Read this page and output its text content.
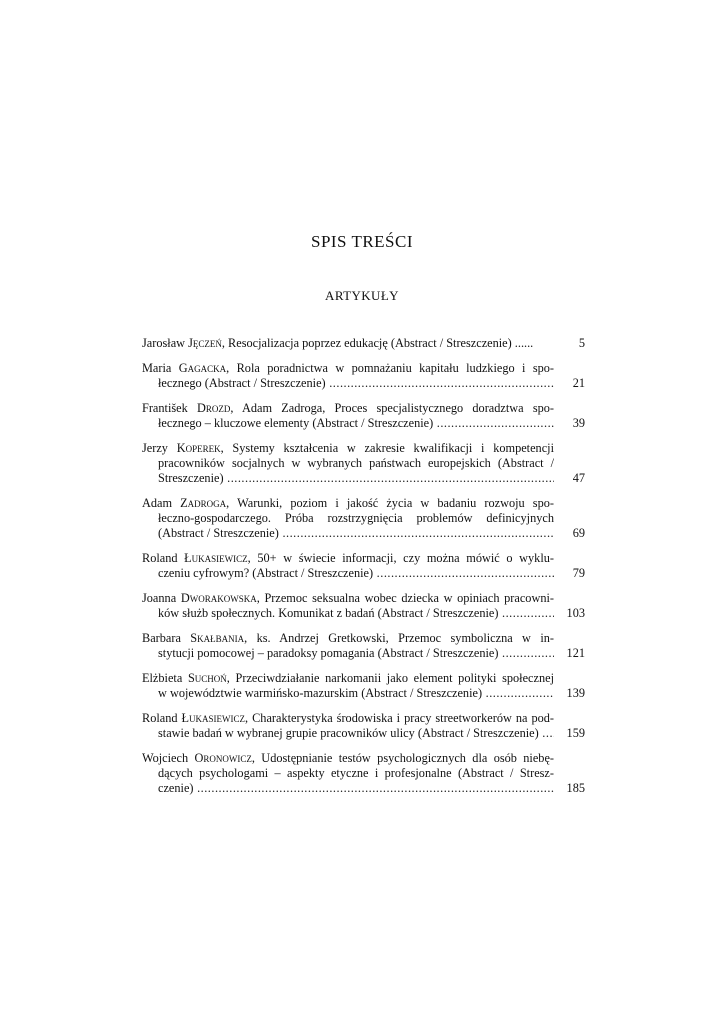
SPIS TREŚCI
ARTYKUŁY
Jarosław Jęczeń, Resocjalizacja poprzez edukację (Abstract / Streszczenie) ......	5
Maria Gagacka, Rola poradnictwa w pomnażaniu kapitału ludzkiego i spo-
łecznego (Abstract / Streszczenie) .....	21
František Drozd, Adam Zadroga, Proces specjalistycznego doradztwa spo-
łecznego – kluczowe elementy (Abstract / Streszczenie) .....	39
Jerzy Koperek, Systemy kształcenia w zakresie kwalifikacji i kompetencji
pracowników socjalnych w wybranych państwach europejskich (Abstract /
Streszczenie) .....	47
Adam Zadroga, Warunki, poziom i jakość życia w badaniu rozwoju spo-
łeczno-gospodarczego. Próba rozstrzygnięcia problemów definicyjnych
(Abstract / Streszczenie) .....	69
Roland Łukasiewicz, 50+ w świecie informacji, czy można mówić o wyklu-
czeniu cyfrowym? (Abstract / Streszczenie) .....	79
Joanna Dworakowska, Przemoc seksualna wobec dziecka w opiniach pracowni-
ków służb społecznych. Komunikat z badań (Abstract / Streszczenie) .....	103
Barbara Skałbania, ks. Andrzej Gretkowski, Przemoc symboliczna w in-
stytucji pomocowej – paradoksy pomagania (Abstract / Streszczenie) .....	121
Elżbieta Suchoń, Przeciwdziałanie narkomanii jako element polityki społecznej
w województwie warmińsko-mazurskim (Abstract / Streszczenie) .....	139
Roland Łukasiewicz, Charakterystyka środowiska i pracy streetworkerów na pod-
stawie badań w wybranej grupie pracowników ulicy (Abstract / Streszczenie) .....	159
Wojciech Oronowicz, Udostępnianie testów psychologicznych dla osób niebę-
dących psychologami – aspekty etyczne i profesjonalne (Abstract / Stresz-
czenie) .....	185
